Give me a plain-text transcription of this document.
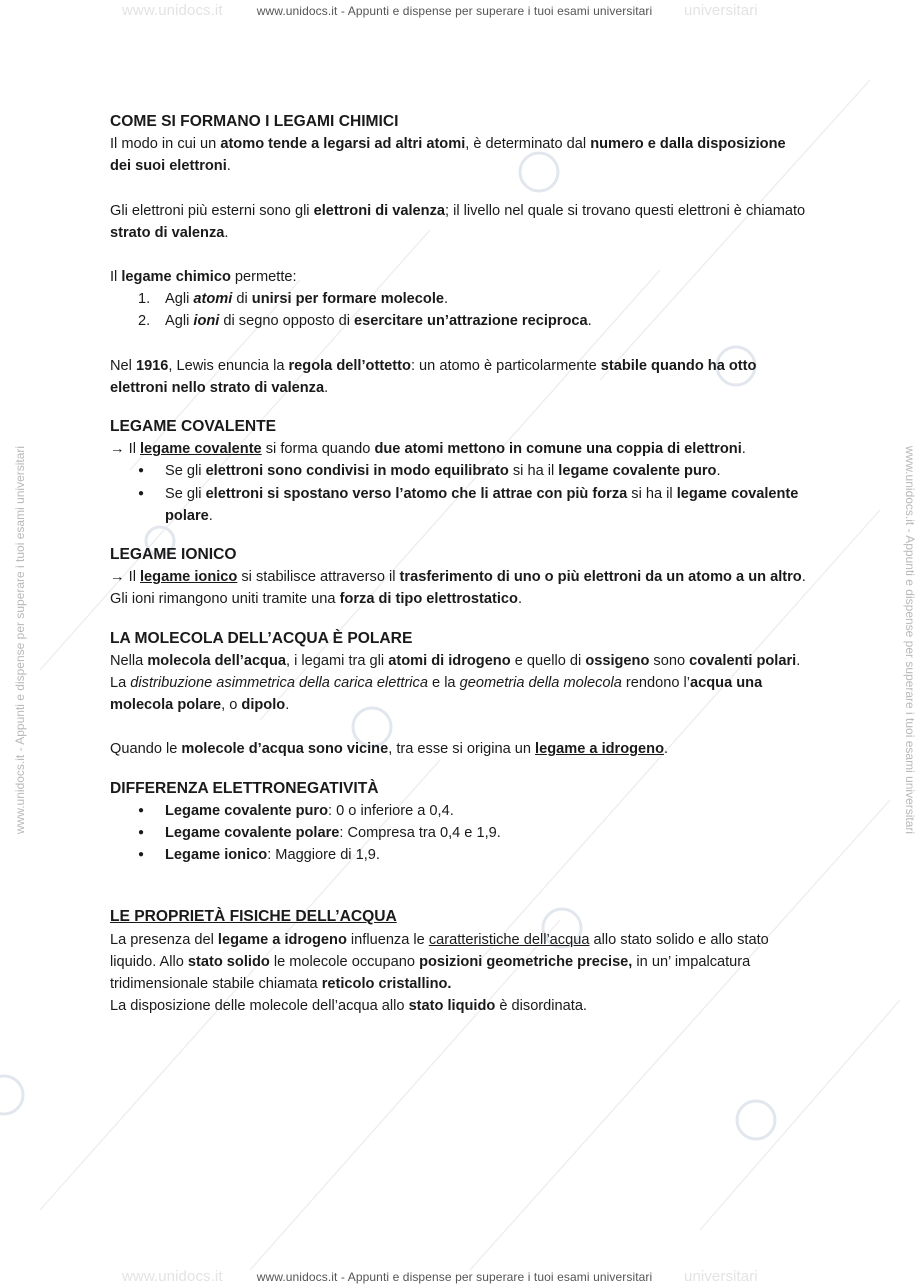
www.unidocs.it	www.unidocs.it - Appunti e dispense per superare i tuoi esami universitari universitari
www.unidocs.it	www.unidocs.it - Appunti e dispense per superare i tuoi esami universitari universitari
www.unidocs.it - Appunti e dispense per superare i tuoi esami universitari	www.unidocs.it - Appunti e dispense per superare i tuoi esami universitari
COME SI FORMANO I LEGAMI CHIMICI

Il modo in cui un atomo tende a legarsi ad altri atomi, è determinato dal numero e dalla disposizione dei suoi elettroni.

Gli elettroni più esterni sono gli elettroni di valenza; il livello nel quale si trovano questi elettroni è chiamato strato di valenza.

Il legame chimico permette:

1. Agli atomi di unirsi per formare molecole.
2. Agli ioni di segno opposto di esercitare un’attrazione reciproca.

Nel 1916, Lewis enuncia la regola dell’ottetto: un atomo è particolarmente stabile quando ha otto elettroni nello strato di valenza.

LEGAME COVALENTE

→ Il legame covalente si forma quando due atomi mettono in comune una coppia di elettroni.

● Se gli elettroni sono condivisi in modo equilibrato si ha il legame covalente puro.
● Se gli elettroni si spostano verso l’atomo che li attrae con più forza si ha il legame covalente polare.
LEGAME IONICO

→ Il legame ionico si stabilisce attraverso il trasferimento di uno o più elettroni da un atomo a un altro.

Gli ioni rimangono uniti tramite una forza di tipo elettrostatico.

LA MOLECOLA DELL’ACQUA È POLARE

Nella molecola dell’acqua, i legami tra gli atomi di idrogeno e quello di ossigeno sono covalenti polari.

La distribuzione asimmetrica della carica elettrica e la geometria della molecola rendono l’acqua una molecola polare, o dipolo.

Quando le molecole d’acqua sono vicine, tra esse si origina un legame a idrogeno.

DIFFERENZA ELETTRONEGATIVITÀ
● Legame covalente puro: 0 o inferiore a 0,4.
● Legame covalente polare: Compresa tra 0,4 e 1,9.
● Legame ionico: Maggiore di 1,9.
LE PROPRIETÀ FISICHE DELL’ACQUA

La presenza del legame a idrogeno influenza le caratteristiche dell’acqua allo stato solido e allo stato liquido. Allo stato solido le molecole occupano posizioni geometriche precise, in un’ impalcatura tridimensionale stabile chiamata reticolo cristallino.

La disposizione delle molecole dell’acqua allo stato liquido è disordinata.
